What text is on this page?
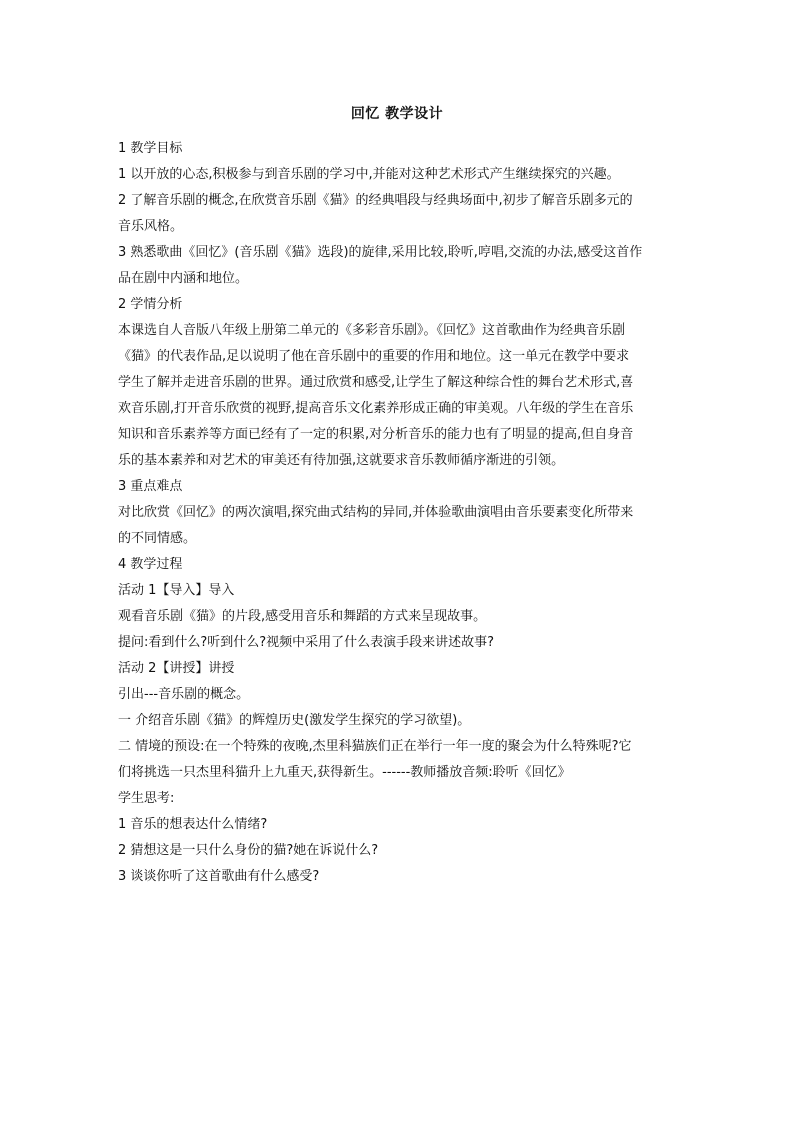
回忆 教学设计
1 教学目标
1 以开放的心态,积极参与到音乐剧的学习中,并能对这种艺术形式产生继续探究的兴趣。
2 了解音乐剧的概念,在欣赏音乐剧《猫》的经典唱段与经典场面中,初步了解音乐剧多元的
音乐风格。
3 熟悉歌曲《回忆》(音乐剧《猫》选段)的旋律,采用比较,聆听,哼唱,交流的办法,感受这首作
品在剧中内涵和地位。
2 学情分析
本课选自人音版八年级上册第二单元的《多彩音乐剧》。《回忆》这首歌曲作为经典音乐剧
《猫》的代表作品,足以说明了他在音乐剧中的重要的作用和地位。这一单元在教学中要求
学生了解并走进音乐剧的世界。通过欣赏和感受,让学生了解这种综合性的舞台艺术形式,喜
欢音乐剧,打开音乐欣赏的视野,提高音乐文化素养形成正确的审美观。八年级的学生在音乐
知识和音乐素养等方面已经有了一定的积累,对分析音乐的能力也有了明显的提高,但自身音
乐的基本素养和对艺术的审美还有待加强,这就要求音乐教师循序渐进的引领。
3 重点难点
对比欣赏《回忆》的两次演唱,探究曲式结构的异同,并体验歌曲演唱由音乐要素变化所带来
的不同情感。
4 教学过程
活动 1【导入】导入
观看音乐剧《猫》的片段,感受用音乐和舞蹈的方式来呈现故事。
提问:看到什么?听到什么?视频中采用了什么表演手段来讲述故事?
活动 2【讲授】讲授
引出---音乐剧的概念。
一 介绍音乐剧《猫》的辉煌历史(激发学生探究的学习欲望)。
二 情境的预设:在一个特殊的夜晚,杰里科猫族们正在举行一年一度的聚会为什么特殊呢?它
们将挑选一只杰里科猫升上九重天,获得新生。------教师播放音频:聆听《回忆》
学生思考:
1 音乐的想表达什么情绪?
2 猜想这是一只什么身份的猫?她在诉说什么?
3 谈谈你听了这首歌曲有什么感受?
